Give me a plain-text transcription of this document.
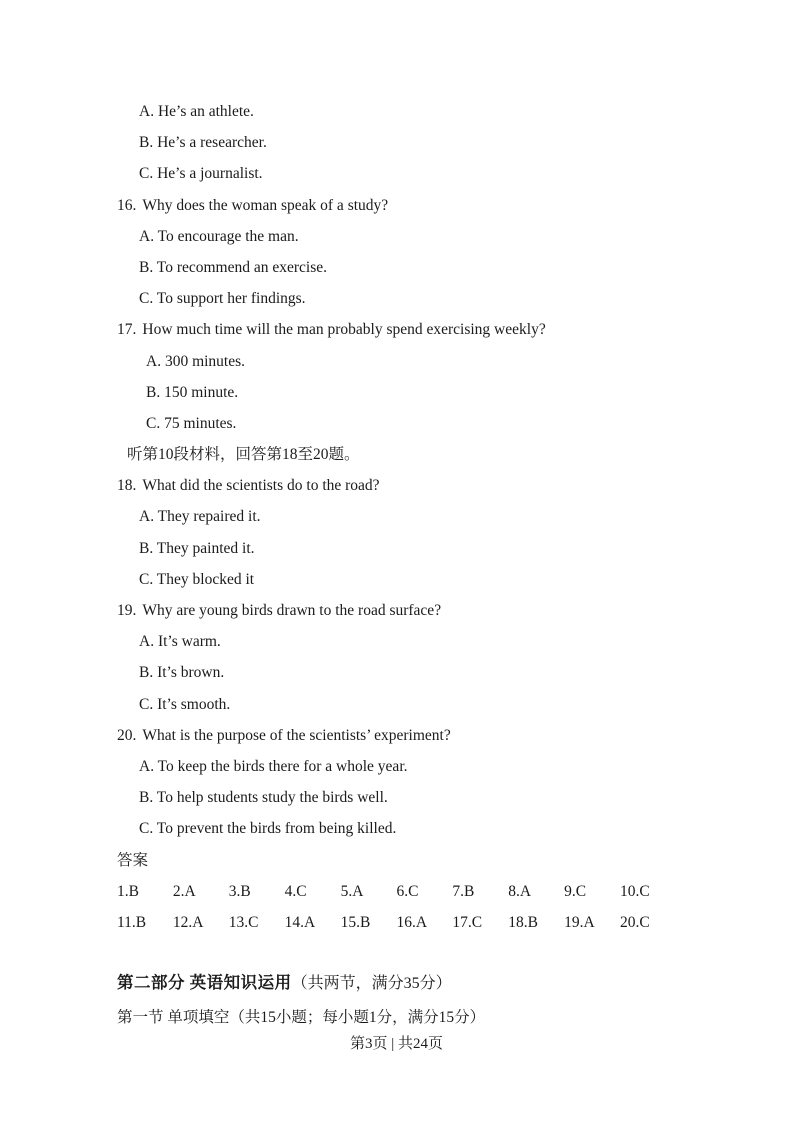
A. He’s an athlete.
B. He’s a researcher.
C. He’s a journalist.
16. Why does the woman speak of a study?
A. To encourage the man.
B. To recommend an exercise.
C. To support her findings.
17. How much time will the man probably spend exercising weekly?
A. 300 minutes.
B. 150 minute.
C. 75 minutes.
听第10段材料，回答第18至20题。
18. What did the scientists do to the road?
A. They repaired it.
B. They painted it.
C. They blocked it
19. Why are young birds drawn to the road surface?
A. It’s warm.
B. It’s brown.
C. It’s smooth.
20. What is the purpose of the scientists’ experiment?
A. To keep the birds there for a whole year.
B. To help students study the birds well.
C. To prevent the birds from being killed.
答案
1.B	2.A	3.B	4.C	5.A	6.C	7.B	8.A	9.C	10.C
11.B	12.A	13.C	14.A	15.B	16.A	17.C	18.B	19.A	20.C
第二部分 英语知识运用（共两节，满分35分）
第一节 单项填空（共15小题；每小题1分，满分15分）
第3页 | 共24页
